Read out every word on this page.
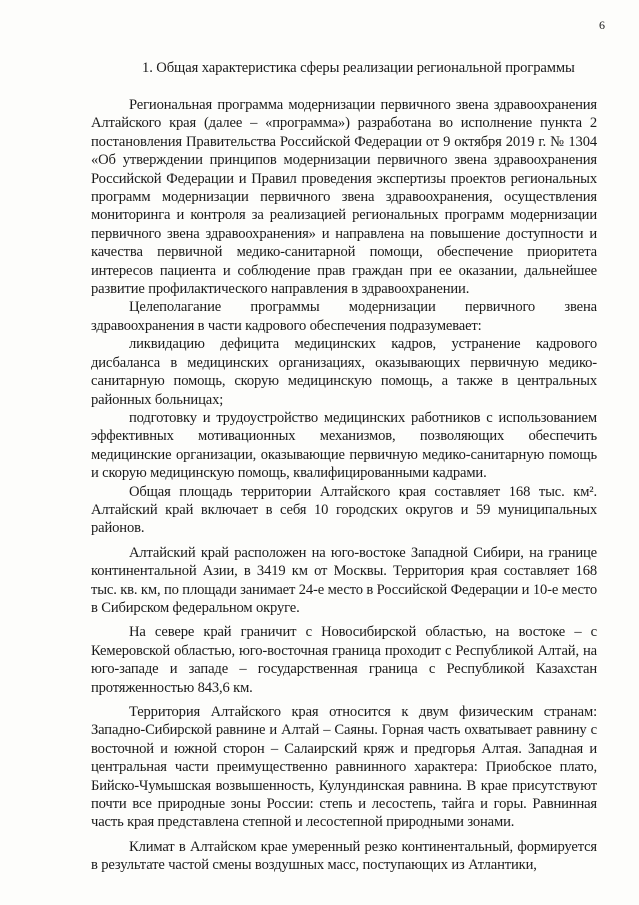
6
1. Общая характеристика сферы реализации региональной программы

Региональная программа модернизации первичного звена здравоохранения Алтайского края (далее – «программа») разработана во исполнение пункта 2 постановления Правительства Российской Федерации от 9 октября 2019 г. № 1304 «Об утверждении принципов модернизации первичного звена здравоохранения Российской Федерации и Правил проведения экспертизы проектов региональных программ модернизации первичного звена здравоохранения, осуществления мониторинга и контроля за реализацией региональных программ модернизации первичного звена здравоохранения» и направлена на повышение доступности и качества первичной медико-санитарной помощи, обеспечение приоритета интересов пациента и соблюдение прав граждан при ее оказании, дальнейшее развитие профилактического направления в здравоохранении.

Целеполагание программы модернизации первичного звена здравоохранения в части кадрового обеспечения подразумевает:

ликвидацию дефицита медицинских кадров, устранение кадрового дисбаланса в медицинских организациях, оказывающих первичную медико-санитарную помощь, скорую медицинскую помощь, а также в центральных районных больницах;

подготовку и трудоустройство медицинских работников с использованием эффективных мотивационных механизмов, позволяющих обеспечить медицинские организации, оказывающие первичную медико-санитарную помощь и скорую медицинскую помощь, квалифицированными кадрами.

Общая площадь территории Алтайского края составляет 168 тыс. км². Алтайский край включает в себя 10 городских округов и 59 муниципальных районов.

Алтайский край расположен на юго-востоке Западной Сибири, на границе континентальной Азии, в 3419 км от Москвы. Территория края составляет 168 тыс. кв. км, по площади занимает 24-е место в Российской Федерации и 10-е место в Сибирском федеральном округе.

На севере край граничит с Новосибирской областью, на востоке – с Кемеровской областью, юго-восточная граница проходит с Республикой Алтай, на юго-западе и западе – государственная граница с Республикой Казахстан протяженностью 843,6 км.

Территория Алтайского края относится к двум физическим странам: Западно-Сибирской равнине и Алтай – Саяны. Горная часть охватывает равнину с восточной и южной сторон – Салаирский кряж и предгорья Алтая. Западная и центральная части преимущественно равнинного характера: Приобское плато, Бийско-Чумышская возвышенность, Кулундинская равнина. В крае присутствуют почти все природные зоны России: степь и лесостепь, тайга и горы. Равнинная часть края представлена степной и лесостепной природными зонами.

Климат в Алтайском крае умеренный резко континентальный, формируется в результате частой смены воздушных масс, поступающих из Атлантики,
